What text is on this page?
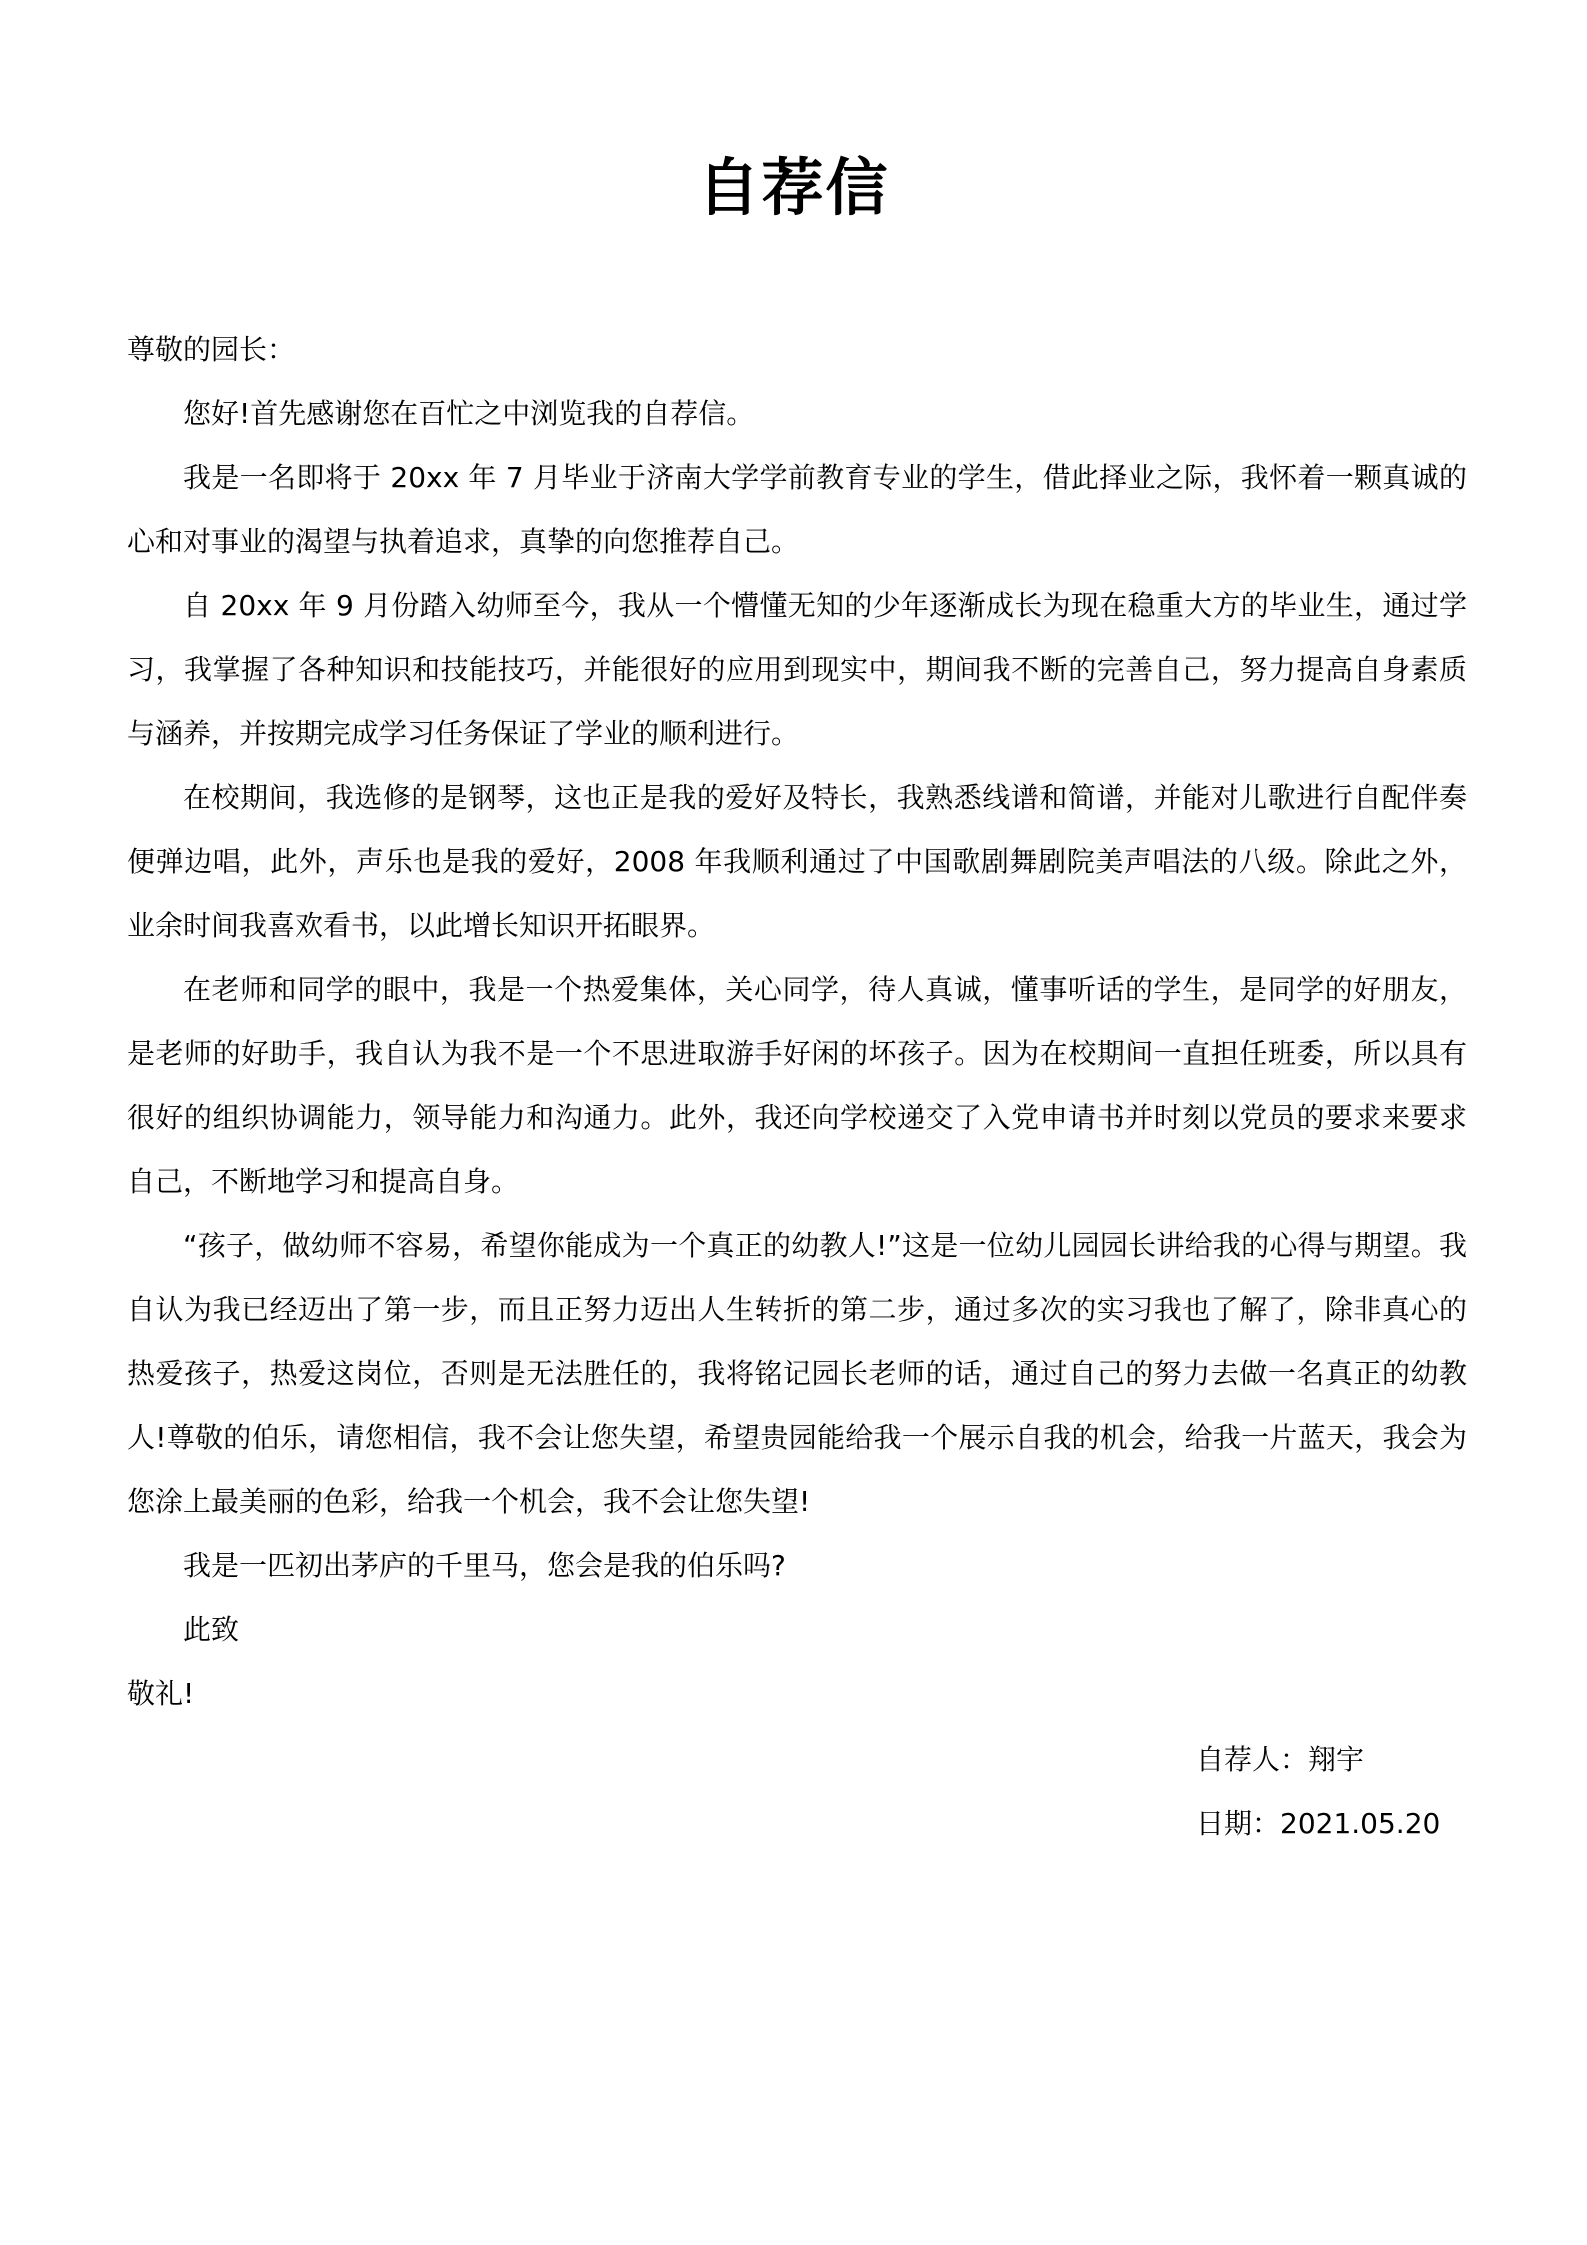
自荐信

尊敬的园长：

您好!首先感谢您在百忙之中浏览我的自荐信。

我是一名即将于 20xx 年 7 月毕业于济南大学学前教育专业的学生，借此择业之际，我怀着一颗真诚的心和对事业的渴望与执着追求，真挚的向您推荐自己。

自 20xx 年 9 月份踏入幼师至今，我从一个懵懂无知的少年逐渐成长为现在稳重大方的毕业生，通过学习，我掌握了各种知识和技能技巧，并能很好的应用到现实中，期间我不断的完善自己，努力提高自身素质与涵养，并按期完成学习任务保证了学业的顺利进行。

在校期间，我选修的是钢琴，这也正是我的爱好及特长，我熟悉线谱和简谱，并能对儿歌进行自配伴奏便弹边唱，此外，声乐也是我的爱好，2008 年我顺利通过了中国歌剧舞剧院美声唱法的八级。除此之外，业余时间我喜欢看书，以此增长知识开拓眼界。

在老师和同学的眼中，我是一个热爱集体，关心同学，待人真诚，懂事听话的学生，是同学的好朋友，是老师的好助手，我自认为我不是一个不思进取游手好闲的坏孩子。因为在校期间一直担任班委，所以具有很好的组织协调能力，领导能力和沟通力。此外，我还向学校递交了入党申请书并时刻以党员的要求来要求自己，不断地学习和提高自身。

“孩子，做幼师不容易，希望你能成为一个真正的幼教人!”这是一位幼儿园园长讲给我的心得与期望。我自认为我已经迈出了第一步，而且正努力迈出人生转折的第二步，通过多次的实习我也了解了，除非真心的热爱孩子，热爱这岗位，否则是无法胜任的，我将铭记园长老师的话，通过自己的努力去做一名真正的幼教人!尊敬的伯乐，请您相信，我不会让您失望，希望贵园能给我一个展示自我的机会，给我一片蓝天，我会为您涂上最美丽的色彩，给我一个机会，我不会让您失望!

我是一匹初出茅庐的千里马，您会是我的伯乐吗?

此致

敬礼!

自荐人：翔宇
日期：2021.05.20
